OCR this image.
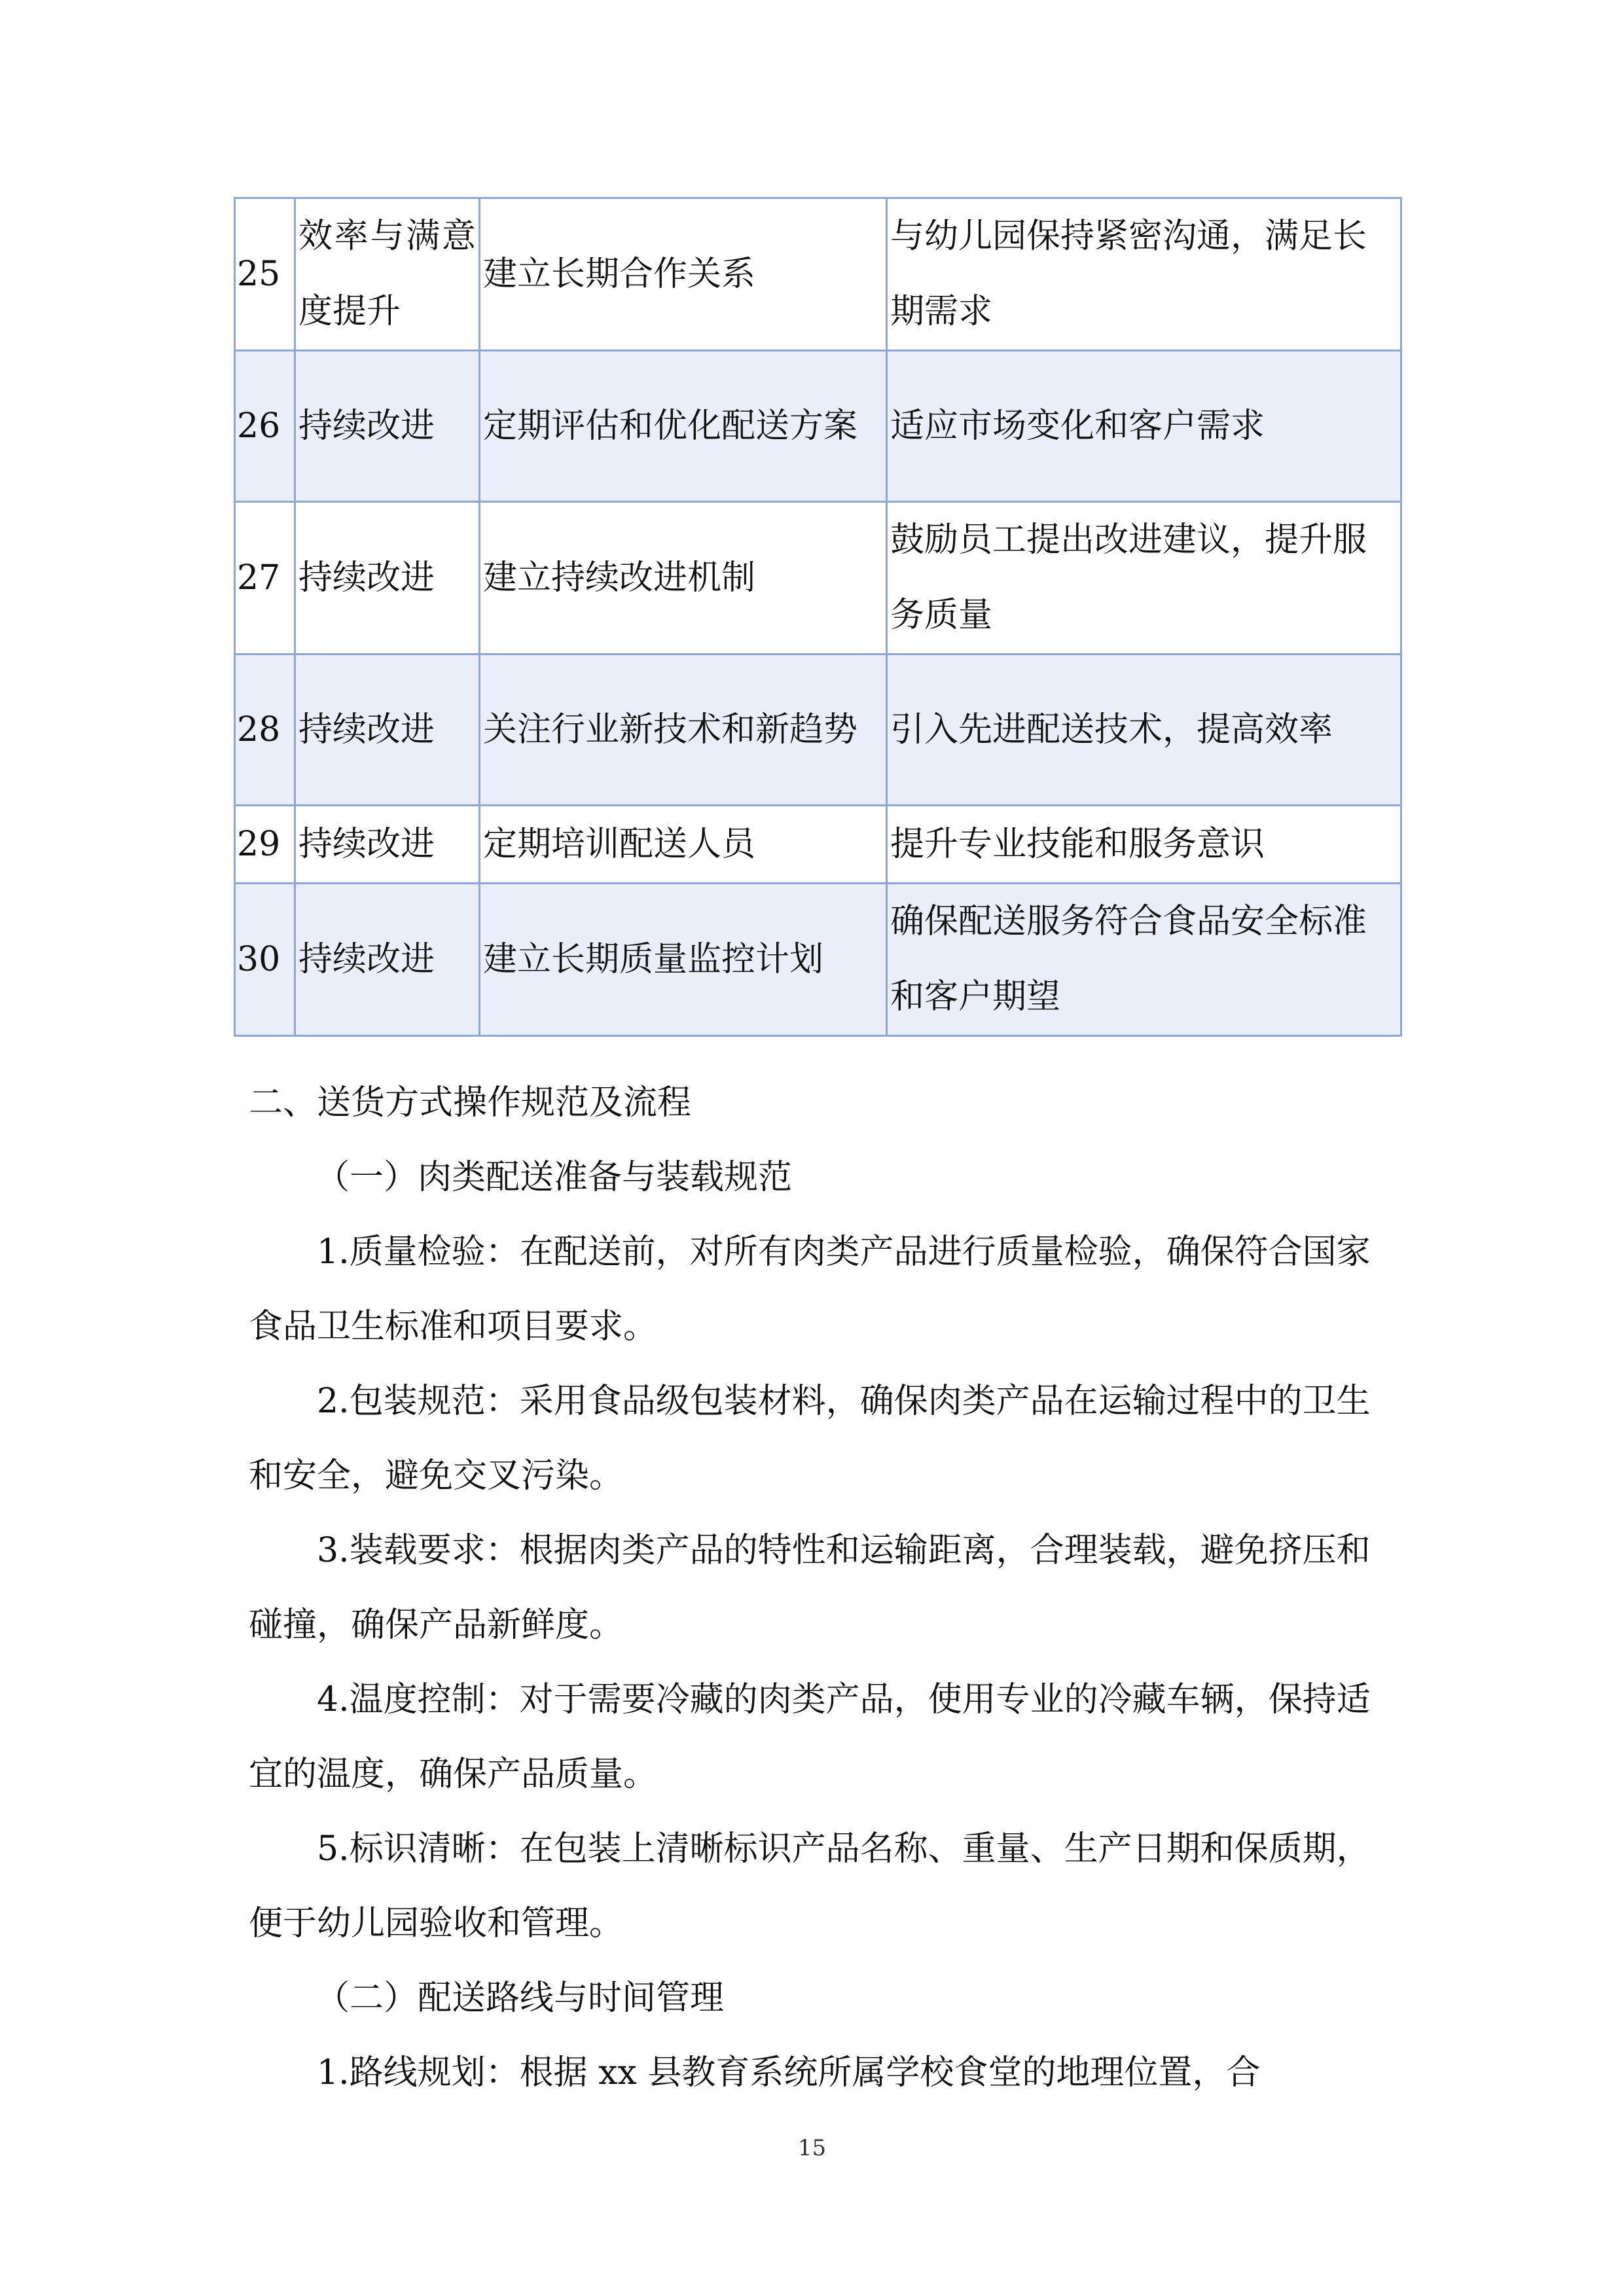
25	效率与满意度提升	建立长期合作关系	与幼儿园保持紧密沟通，满足长期需求
26	持续改进	定期评估和优化配送方案	适应市场变化和客户需求
27	持续改进	建立持续改进机制	鼓励员工提出改进建议，提升服务质量
28	持续改进	关注行业新技术和新趋势	引入先进配送技术，提高效率
29	持续改进	定期培训配送人员	提升专业技能和服务意识
30	持续改进	建立长期质量监控计划	确保配送服务符合食品安全标准和客户期望

二、送货方式操作规范及流程

（一）肉类配送准备与装载规范

1.质量检验：在配送前，对所有肉类产品进行质量检验，确保符合国家食品卫生标准和项目要求。

2.包装规范：采用食品级包装材料，确保肉类产品在运输过程中的卫生和安全，避免交叉污染。

3.装载要求：根据肉类产品的特性和运输距离，合理装载，避免挤压和碰撞，确保产品新鲜度。

4.温度控制：对于需要冷藏的肉类产品，使用专业的冷藏车辆，保持适宜的温度，确保产品质量。

5.标识清晰：在包装上清晰标识产品名称、重量、生产日期和保质期，便于幼儿园验收和管理。

（二）配送路线与时间管理

1.路线规划：根据 xx 县教育系统所属学校食堂的地理位置，合

15
